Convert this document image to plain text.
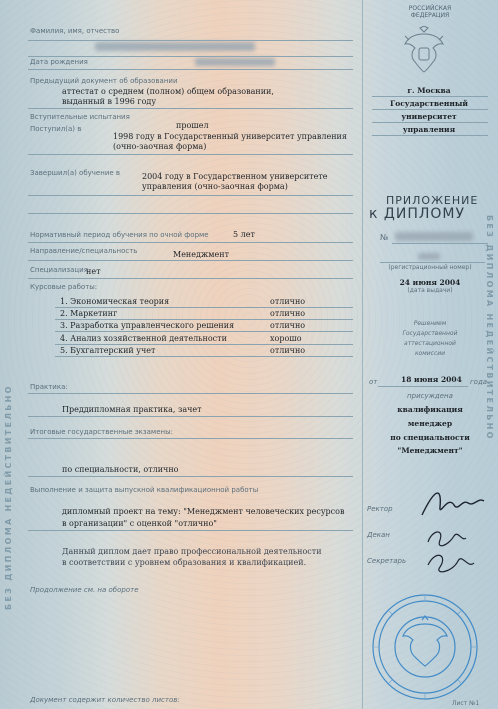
БЕЗ ДИПЛОМА НЕДЕЙСТВИТЕЛЬНО
БЕЗ ДИПЛОМА НЕДЕЙСТВИТЕЛЬНО
Фамилия, имя, отчество
Дата рождения
Предыдущий документ об образовании
аттестат о среднем (полном) общем образовании,
выданный в 1996 году
Вступительные испытания
прошел
Поступил(а) в
1998 году в Государственный университет управления
(очно-заочная форма)
Завершил(а) обучение в	2004 году в Государственном университете
управления (очно-заочная форма)
Нормативный период обучения по очной форме	5 лет
Направление/специальность	Менеджмент
Специализация
нет
Курсовые работы:
1. Экономическая теория	отлично
2. Маркетинг	отлично
3. Разработка управленческого решения	отлично
4. Анализ хозяйственной деятельности	хорошо
5. Бухгалтерский учет	отлично
Практика:
Преддипломная практика, зачет
Итоговые государственные экзамены:
по специальности, отлично
Выполнение и защита выпускной квалификационной работы
дипломный проект на тему: "Менеджмент человеческих ресурсов
в организации" с оценкой "отлично"
Данный диплом дает право профессиональной деятельности
в соответствии с уровнем образования и квалификацией.
Продолжение см. на обороте
Документ содержит количество листов:
РОССИЙСКАЯ
ФЕДЕРАЦИЯ
г. Москва
Государственный
университет
управления
ПРИЛОЖЕНИЕ
к ДИПЛОМУ
№
(регистрационный номер)
24 июня 2004
(дата выдачи)
Решением
Государственной
аттестационной
комиссии
от	18 июня 2004 года
присуждена
квалификация
менеджер
по специальности
"Менеджмент"
Ректор
Декан
Секретарь
Лист №1
